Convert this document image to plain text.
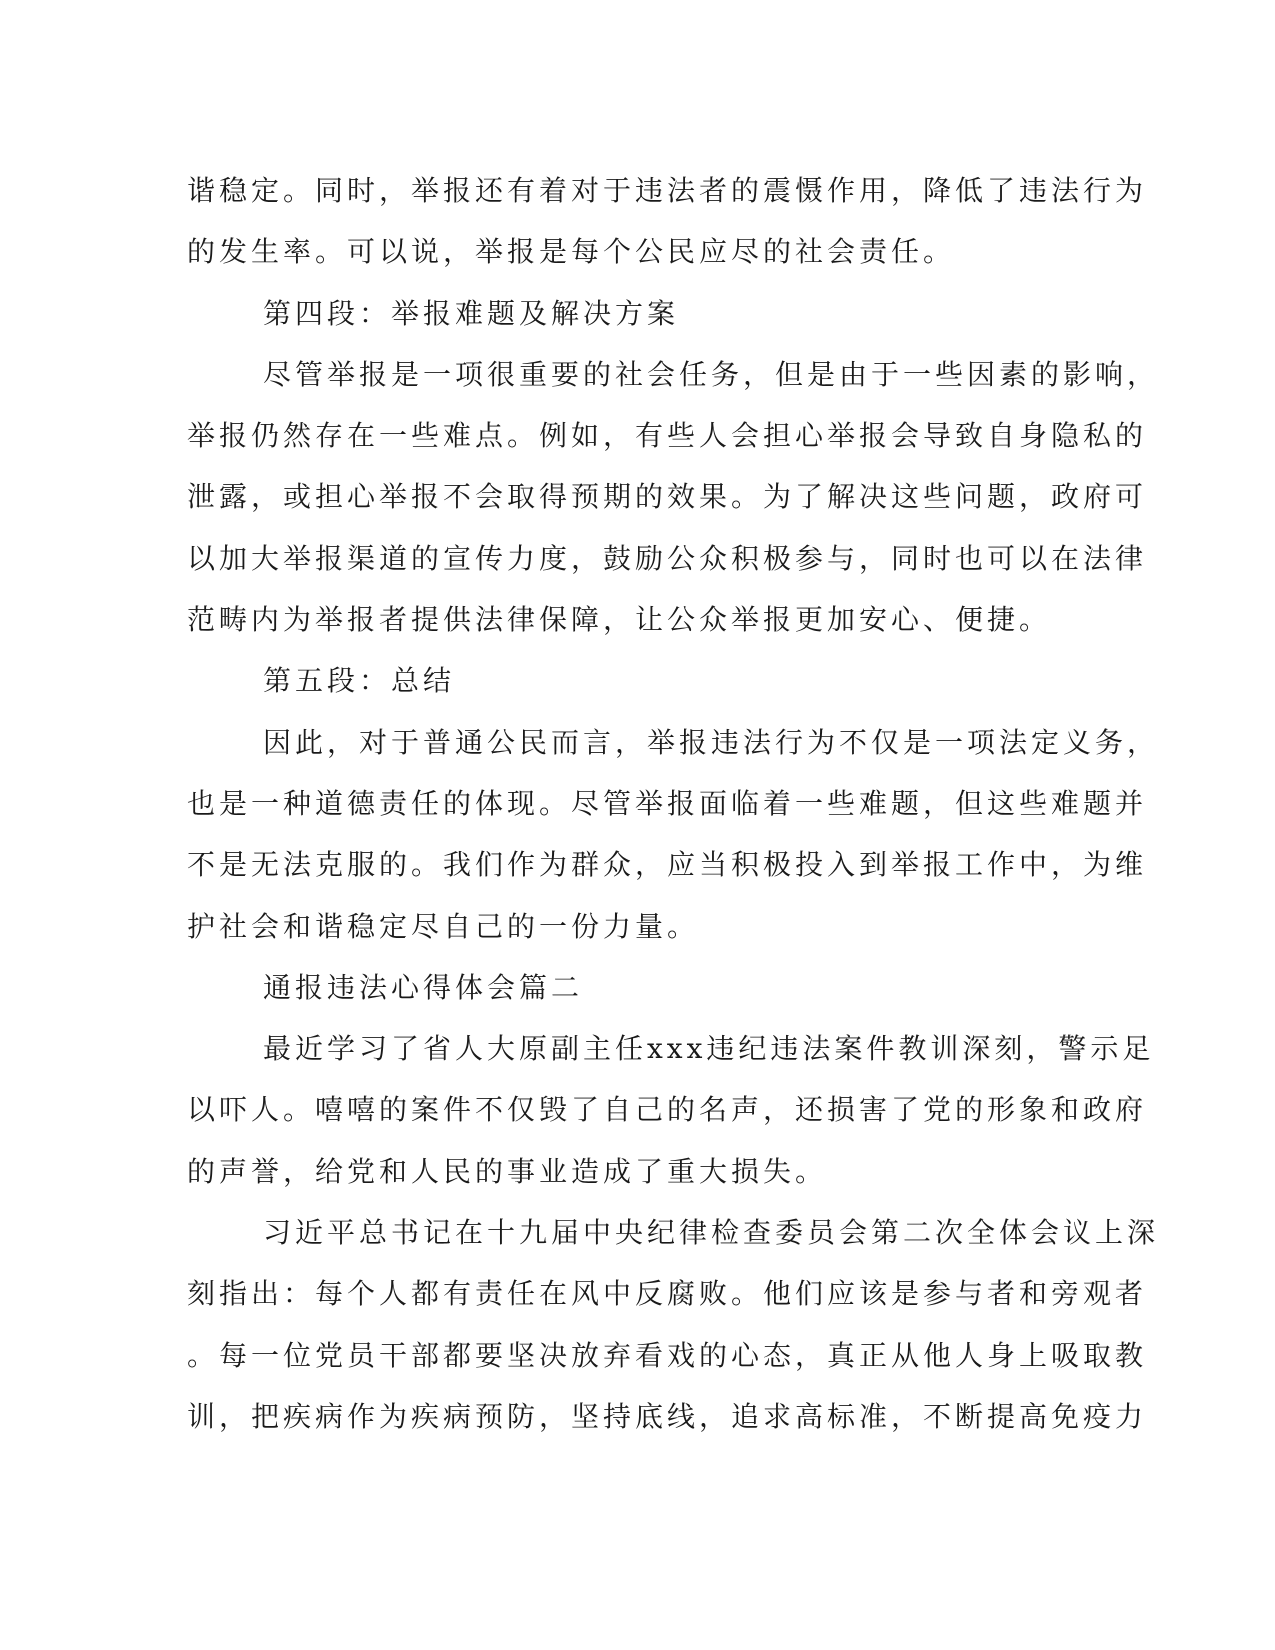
谐稳定。同时，举报还有着对于违法者的震慑作用，降低了违法行为
的发生率。可以说，举报是每个公民应尽的社会责任。
第四段：举报难题及解决方案
尽管举报是一项很重要的社会任务，但是由于一些因素的影响，
举报仍然存在一些难点。例如，有些人会担心举报会导致自身隐私的
泄露，或担心举报不会取得预期的效果。为了解决这些问题，政府可
以加大举报渠道的宣传力度，鼓励公众积极参与，同时也可以在法律
范畴内为举报者提供法律保障，让公众举报更加安心、便捷。
第五段：总结
因此，对于普通公民而言，举报违法行为不仅是一项法定义务，
也是一种道德责任的体现。尽管举报面临着一些难题，但这些难题并
不是无法克服的。我们作为群众，应当积极投入到举报工作中，为维
护社会和谐稳定尽自己的一份力量。
通报违法心得体会篇二
最近学习了省人大原副主任xxx违纪违法案件教训深刻，警示足
以吓人。嘻嘻的案件不仅毁了自己的名声，还损害了党的形象和政府
的声誉，给党和人民的事业造成了重大损失。
习近平总书记在十九届中央纪律检查委员会第二次全体会议上深
刻指出：每个人都有责任在风中反腐败。他们应该是参与者和旁观者
。每一位党员干部都要坚决放弃看戏的心态，真正从他人身上吸取教
训，把疾病作为疾病预防，坚持底线，追求高标准，不断提高免疫力
